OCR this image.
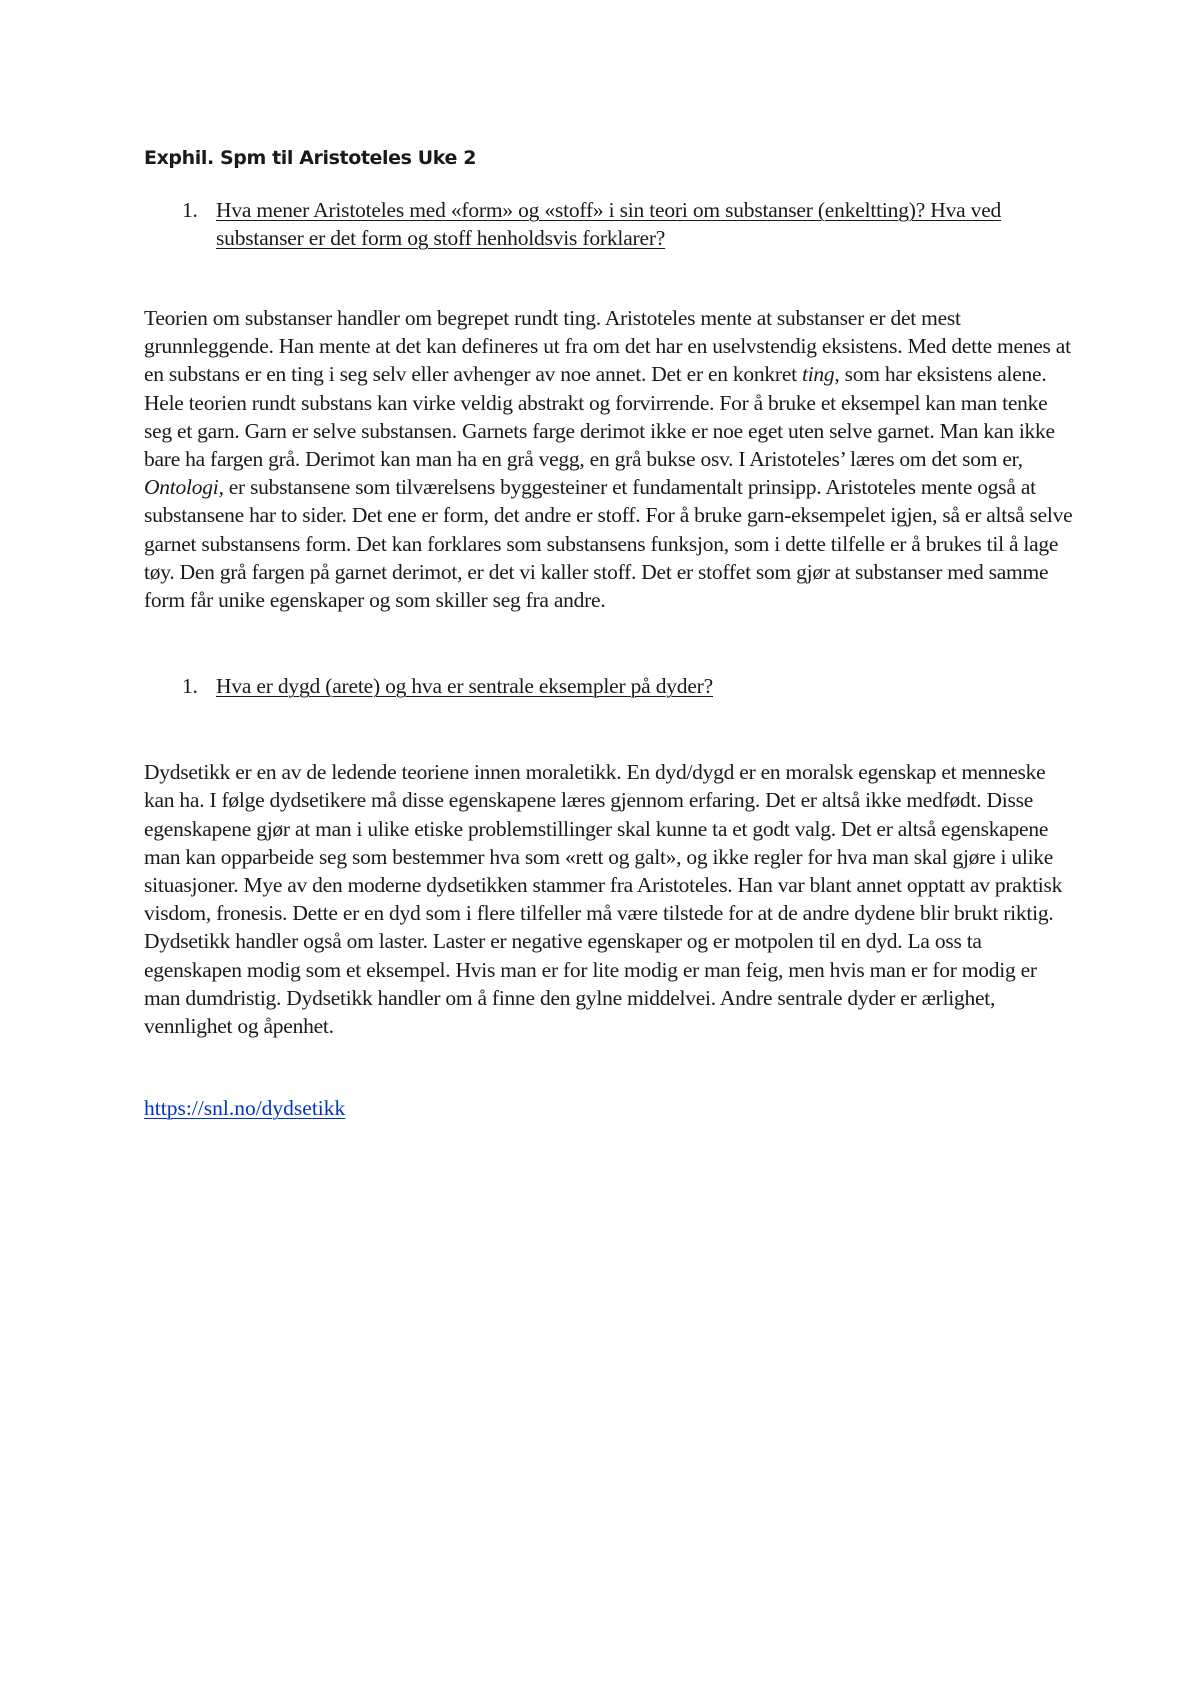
Exphil. Spm til Aristoteles Uke 2
1. Hva mener Aristoteles med «form» og «stoff» i sin teori om substanser (enkeltting)? Hva ved substanser er det form og stoff henholdsvis forklarer?

Teorien om substanser handler om begrepet rundt ting. Aristoteles mente at substanser er det mest grunnleggende. Han mente at det kan defineres ut fra om det har en uselvstendig eksistens. Med dette menes at en substans er en ting i seg selv eller avhenger av noe annet. Det er en konkret ting, som har eksistens alene. Hele teorien rundt substans kan virke veldig abstrakt og forvirrende. For å bruke et eksempel kan man tenke seg et garn. Garn er selve substansen. Garnets farge derimot ikke er noe eget uten selve garnet. Man kan ikke bare ha fargen grå. Derimot kan man ha en grå vegg, en grå bukse osv. I Aristoteles’ læres om det som er, Ontologi, er substansene som tilværelsens byggesteiner et fundamentalt prinsipp. Aristoteles mente også at substansene har to sider. Det ene er form, det andre er stoff. For å bruke garn-eksempelet igjen, så er altså selve garnet substansens form. Det kan forklares som substansens funksjon, som i dette tilfelle er å brukes til å lage tøy. Den grå fargen på garnet derimot, er det vi kaller stoff. Det er stoffet som gjør at substanser med samme form får unike egenskaper og som skiller seg fra andre.

1. Hva er dygd (arete) og hva er sentrale eksempler på dyder?

Dydsetikk er en av de ledende teoriene innen moraletikk. En dyd/dygd er en moralsk egenskap et menneske kan ha. I følge dydsetikere må disse egenskapene læres gjennom erfaring. Det er altså ikke medfødt. Disse egenskapene gjør at man i ulike etiske problemstillinger skal kunne ta et godt valg. Det er altså egenskapene man kan opparbeide seg som bestemmer hva som «rett og galt», og ikke regler for hva man skal gjøre i ulike situasjoner. Mye av den moderne dydsetikken stammer fra Aristoteles. Han var blant annet opptatt av praktisk visdom, fronesis. Dette er en dyd som i flere tilfeller må være tilstede for at de andre dydene blir brukt riktig. Dydsetikk handler også om laster. Laster er negative egenskaper og er motpolen til en dyd. La oss ta egenskapen modig som et eksempel. Hvis man er for lite modig er man feig, men hvis man er for modig er man dumdristig. Dydsetikk handler om å finne den gylne middelvei. Andre sentrale dyder er ærlighet, vennlighet og åpenhet.

https://snl.no/dydsetikk
